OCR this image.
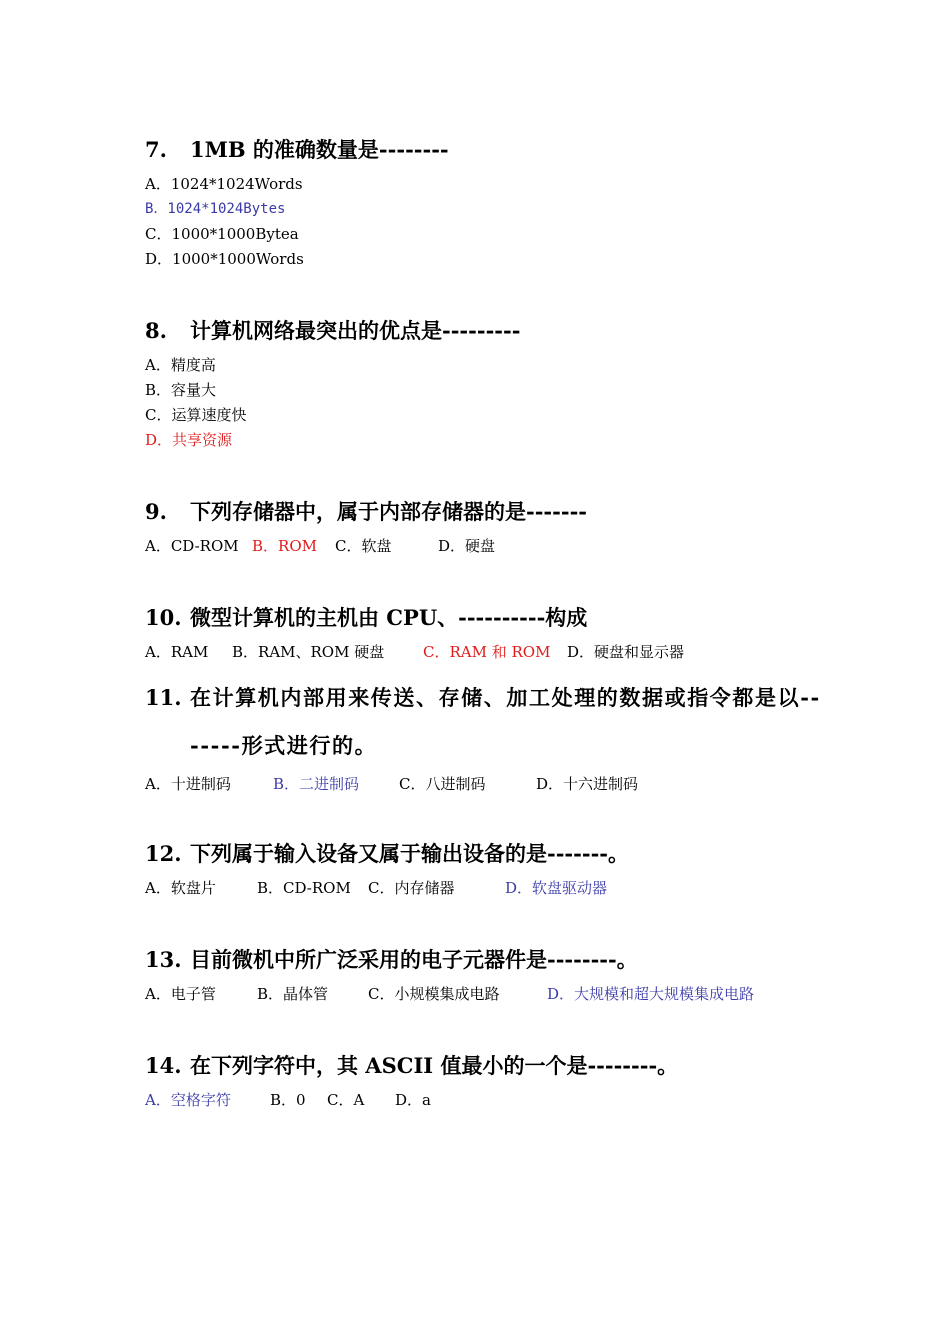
7.	1MB 的准确数量是--------
A．1024*1024Words
B．1024*1024Bytes
C．1000*1000Bytea
D．1000*1000Words
8.	计算机网络最突出的优点是---------
A．精度高
B．容量大
C．运算速度快
D．共享资源
9.	下列存储器中，属于内部存储器的是-------
A．CD-ROM B．ROM C．软盘	D．硬盘
10. 微型计算机的主机由 CPU、----------构成
A．RAM B．RAM、ROM 硬盘	C．RAM 和 ROM D．硬盘和显示器
11. 在计算机内部用来传送、存储、加工处理的数据或指令都是以-------形式进行的。
A．十进制码	B．二进制码	C．八进制码	D．十六进制码
12. 下列属于输入设备又属于输出设备的是-------。
A．软盘片	B．CD-ROM C．内存储器	D．软盘驱动器
13. 目前微机中所广泛采用的电子元器件是--------。
A．电子管	B．晶体管	C．小规模集成电路	D．大规模和超大规模集成电路
14. 在下列字符中，其 ASCII 值最小的一个是--------。
A．空格字符	B．0 C．A D．a
